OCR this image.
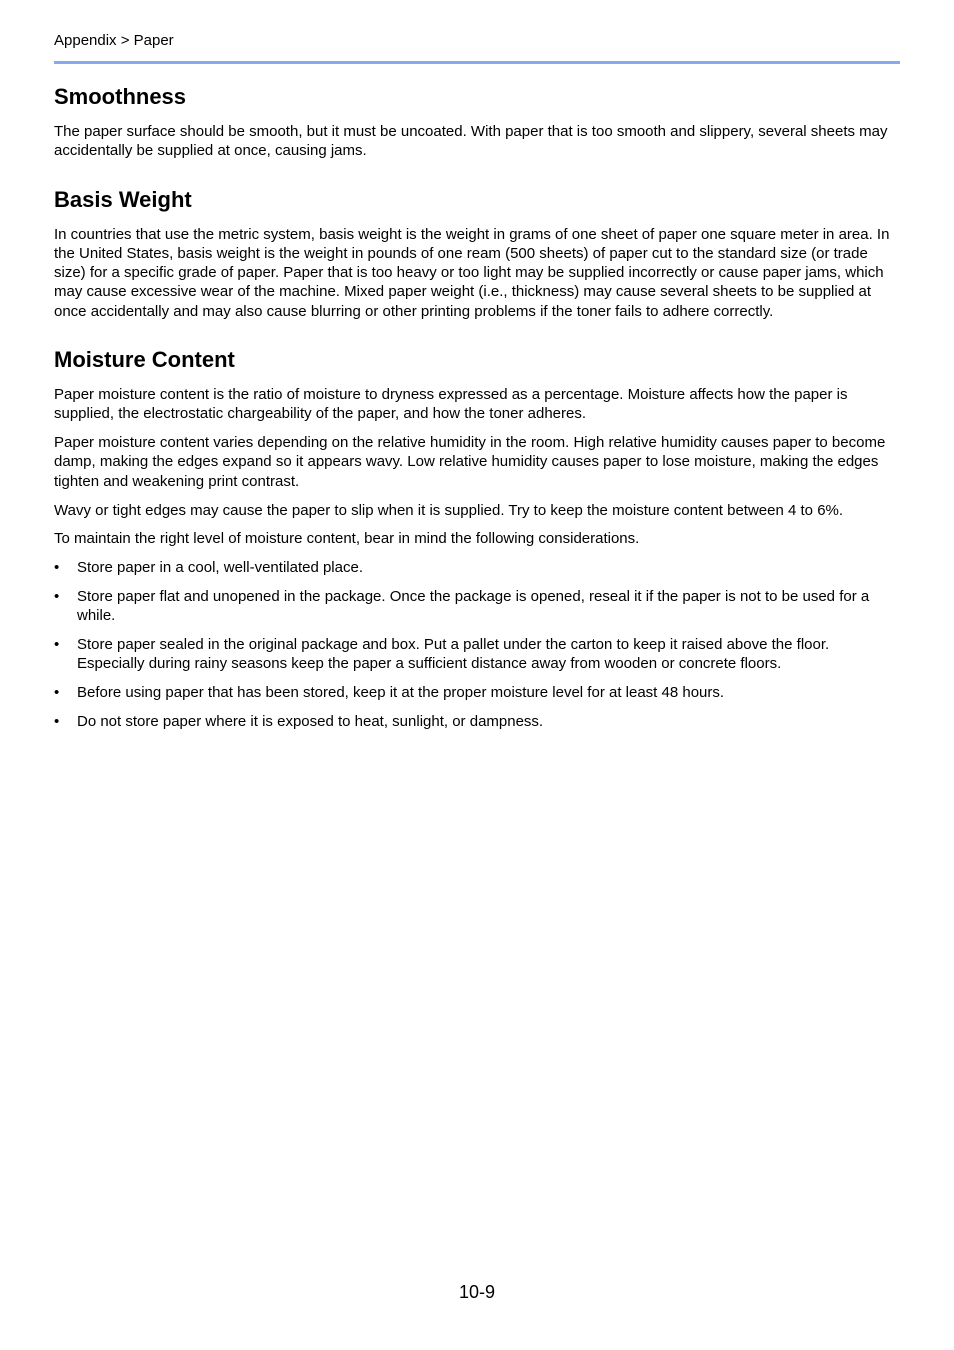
Appendix > Paper
Smoothness

The paper surface should be smooth, but it must be uncoated. With paper that is too smooth and slippery, several sheets may accidentally be supplied at once, causing jams.

Basis Weight

In countries that use the metric system, basis weight is the weight in grams of one sheet of paper one square meter in area. In the United States, basis weight is the weight in pounds of one ream (500 sheets) of paper cut to the standard size (or trade size) for a specific grade of paper. Paper that is too heavy or too light may be supplied incorrectly or cause paper jams, which may cause excessive wear of the machine. Mixed paper weight (i.e., thickness) may cause several sheets to be supplied at once accidentally and may also cause blurring or other printing problems if the toner fails to adhere correctly.

Moisture Content

Paper moisture content is the ratio of moisture to dryness expressed as a percentage. Moisture affects how the paper is supplied, the electrostatic chargeability of the paper, and how the toner adheres.

Paper moisture content varies depending on the relative humidity in the room. High relative humidity causes paper to become damp, making the edges expand so it appears wavy. Low relative humidity causes paper to lose moisture, making the edges tighten and weakening print contrast.

Wavy or tight edges may cause the paper to slip when it is supplied. Try to keep the moisture content between 4 to 6%.

To maintain the right level of moisture content, bear in mind the following considerations.

• Store paper in a cool, well-ventilated place.
• Store paper flat and unopened in the package. Once the package is opened, reseal it if the paper is not to be used for a while.
• Store paper sealed in the original package and box. Put a pallet under the carton to keep it raised above the floor. Especially during rainy seasons keep the paper a sufficient distance away from wooden or concrete floors.
• Before using paper that has been stored, keep it at the proper moisture level for at least 48 hours.
• Do not store paper where it is exposed to heat, sunlight, or dampness.
10-9
